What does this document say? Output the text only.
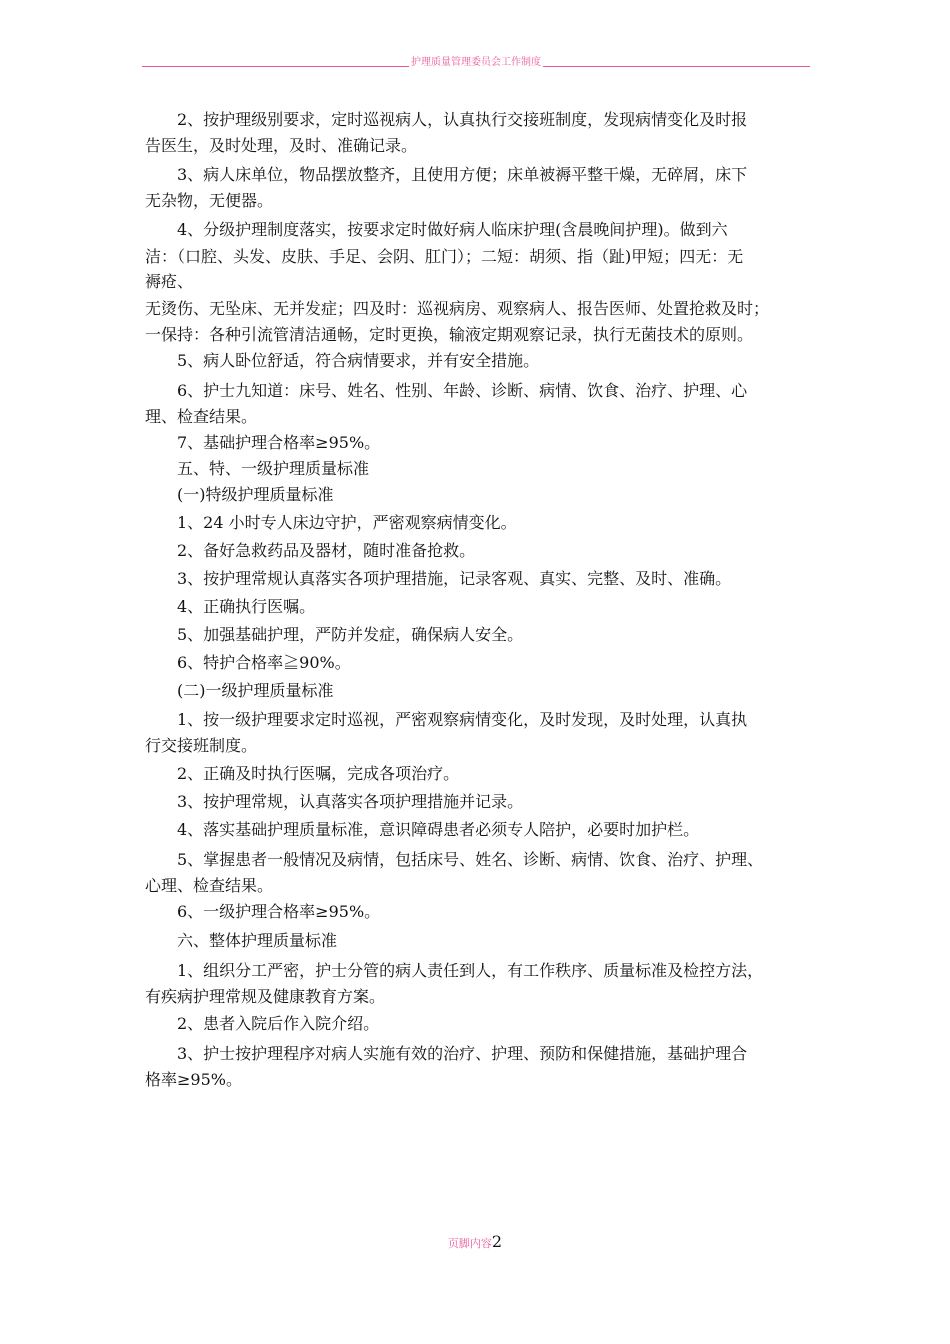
护理质量管理委员会工作制度
　　2、按护理级别要求，定时巡视病人，认真执行交接班制度，发现病情变化及时报
告医生，及时处理，及时、准确记录。
　　3、病人床单位，物品摆放整齐，且使用方便；床单被褥平整干燥，无碎屑，床下
无杂物，无便器。
　　4、分级护理制度落实，按要求定时做好病人临床护理(含晨晚间护理)。做到六
洁：（口腔、头发、皮肤、手足、会阴、肛门）；二短：胡须、指（趾)甲短；四无：无
褥疮、
无烫伤、无坠床、无并发症；四及时：巡视病房、观察病人、报告医师、处置抢救及时；
一保持：各种引流管清洁通畅，定时更换，输液定期观察记录，执行无菌技术的原则。
　　5、病人卧位舒适，符合病情要求，并有安全措施。
　　6、护士九知道：床号、姓名、性别、年龄、诊断、病情、饮食、治疗、护理、心
理、检查结果。
　　7、基础护理合格率≥95%。
　　五、特、一级护理质量标准
　　(一)特级护理质量标准
　　1、24 小时专人床边守护，严密观察病情变化。
　　2、备好急救药品及器材，随时准备抢救。
　　3、按护理常规认真落实各项护理措施，记录客观、真实、完整、及时、准确。
　　4、正确执行医嘱。
　　5、加强基础护理，严防并发症，确保病人安全。
　　6、特护合格率≧90%。
　　(二)一级护理质量标准
　　1、按一级护理要求定时巡视，严密观察病情变化，及时发现，及时处理，认真执
行交接班制度。
　　2、正确及时执行医嘱，完成各项治疗。
　　3、按护理常规，认真落实各项护理措施并记录。
　　4、落实基础护理质量标准，意识障碍患者必须专人陪护，必要时加护栏。
　　5、掌握患者一般情况及病情，包括床号、姓名、诊断、病情、饮食、治疗、护理、
心理、检查结果。
　　6、一级护理合格率≥95%。
　　六、整体护理质量标准
　　1、组织分工严密，护士分管的病人责任到人，有工作秩序、质量标准及检控方法，
有疾病护理常规及健康教育方案。
　　2、患者入院后作入院介绍。
　　3、护士按护理程序对病人实施有效的治疗、护理、预防和保健措施，基础护理合
格率≥95%。
页脚内容2
